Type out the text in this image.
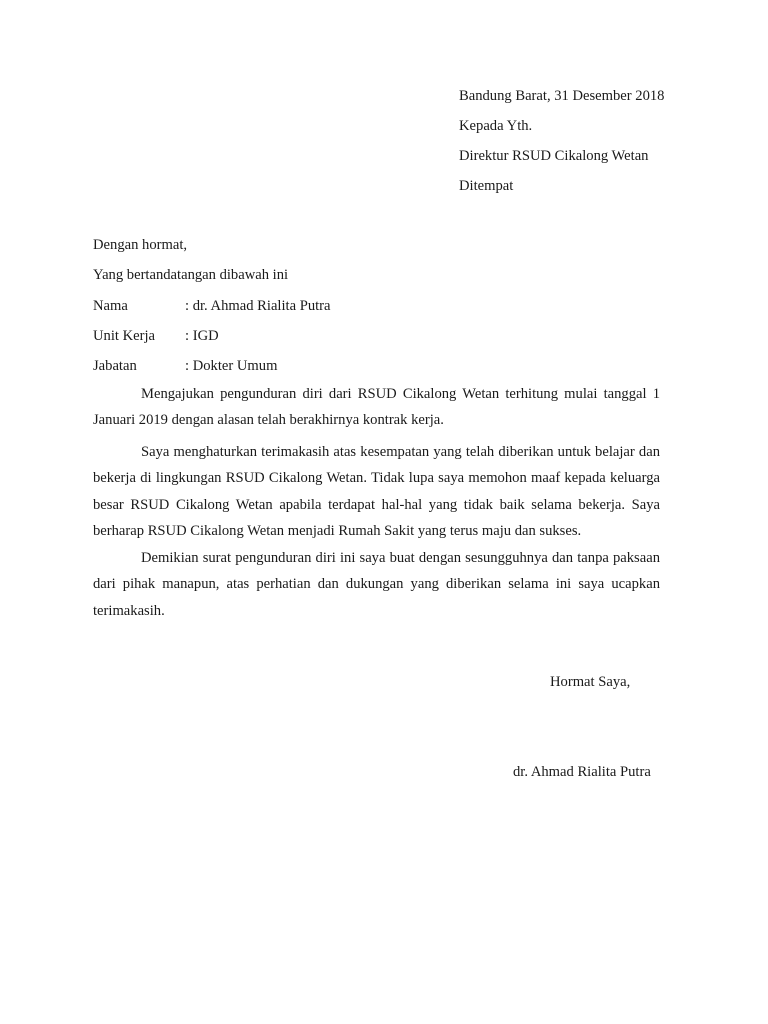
Bandung Barat, 31 Desember 2018
Kepada Yth.
Direktur RSUD Cikalong Wetan
Ditempat
Dengan hormat,
Yang bertandatangan dibawah ini
Nama	: dr. Ahmad Rialita Putra
Unit Kerja : IGD
Jabatan	: Dokter Umum

Mengajukan pengunduran diri dari RSUD Cikalong Wetan terhitung mulai tanggal 1 Januari 2019 dengan alasan telah berakhirnya kontrak kerja.

Saya menghaturkan terimakasih atas kesempatan yang telah diberikan untuk belajar dan bekerja di lingkungan RSUD Cikalong Wetan. Tidak lupa saya memohon maaf kepada keluarga besar RSUD Cikalong Wetan apabila terdapat hal-hal yang tidak baik selama bekerja. Saya berharap RSUD Cikalong Wetan menjadi Rumah Sakit yang terus maju dan sukses.

Demikian surat pengunduran diri ini saya buat dengan sesungguhnya dan tanpa paksaan dari pihak manapun, atas perhatian dan dukungan yang diberikan selama ini saya ucapkan terimakasih.

Hormat Saya,
dr. Ahmad Rialita Putra
